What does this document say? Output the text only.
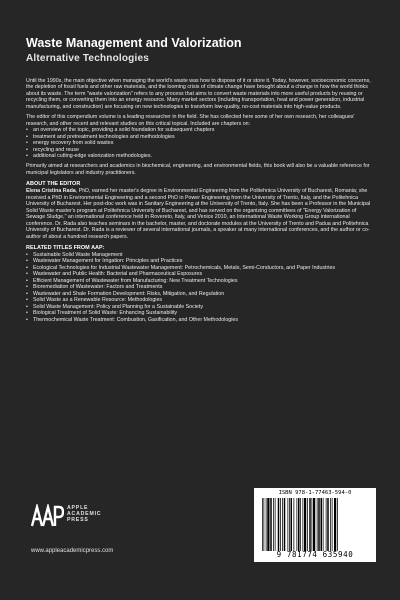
Waste Management and Valorization
Alternative Technologies

Until the 1990s, the main objective when managing the world's waste was how to dispose of it or store it. Today, however, socioeconomic concerns, the depletion of fossil fuels and other raw materials, and the looming crisis of climate change have brought about a change in how the world thinks about its waste. The term "waste valorization" refers to any process that aims to convert waste materials into more useful products by reusing or recycling them, or converting them into an energy resource. Many market sectors (including transportation, heat and power generation, industrial manufacturing, and construction) are focusing on new technologies to transform low-quality, no-cost materials into high-value products.

The editor of this compendium volume is a leading researcher in the field. She has collected here some of her own research, her colleagues' research, and other recent and relevant studies on this critical topical. Included are chapters on:

• an overview of the topic, providing a solid foundation for subsequent chapters
• treatment and pretreatment technologies and methodologies
• energy recovery from solid wastes
• recycling and reuse
• additional cutting-edge valorization methodologies.

Primarily aimed at researchers and academics in biochemical, engineering, and environmental fields, this book will also be a valuable reference for municipal legislators and industry practitioners.

ABOUT THE EDITOR

Elena Cristina Rada, PhD, earned her master's degree in Environmental Engineering from the Politehnica University of Bucharest, Romania; she received a PhD in Environmental Engineering and a second PhD in Power Engineering from the University of Trento, Italy, and the Politehnica University of Bucharest. Her post-doc work was in Sanitary Engineering at the University of Trento, Italy. She has been a Professor in the Municipal Solid Waste master's program at Politehnica University of Bucharest, and has served on the organizing committees of "Energy Valorization of Sewage Sludge," an international conference held in Rovereto, Italy, and Venice 2010, an International Waste Working Group international conference. Dr. Rada also teaches seminars in the bachelor, master, and doctorate modules at the University of Trento and Padua and Politehnica University of Bucharest. Dr. Rada is a reviewer of several international journals, a speaker at many international conferences, and the author or co-author of about a hundred research papers.

RELATED TITLES FROM AAP:
• Sustainable Solid Waste Management
• Wastewater Management for Irrigation: Principles and Practices
• Ecological Technologies for Industrial Wastewater Management: Petrochemicals, Metals, Semi-Conductors, and Paper Industries
• Wastewater and Public Health: Bacterial and Pharmaceutical Exposures
• Efficient Management of Wastewater from Manufacturing: New Treatment Technologies
• Bioremediation of Wastewater: Factors and Treatments
• Wastewater and Shale Formation Development: Risks, Mitigation, and Regulation
• Solid Waste as a Renewable Resource: Methodologies
• Solid Waste Management: Policy and Planning for a Sustainable Society
• Biological Treatment of Solid Waste: Enhancing Sustainability
• Thermochemical Waste Treatment: Combustion, Gasification, and Other Methodologies
APPLE
ACADEMIC
PRESS
www.appleacademicpress.com
ISBN 978-1-77463-594-0
9 781774 635940
